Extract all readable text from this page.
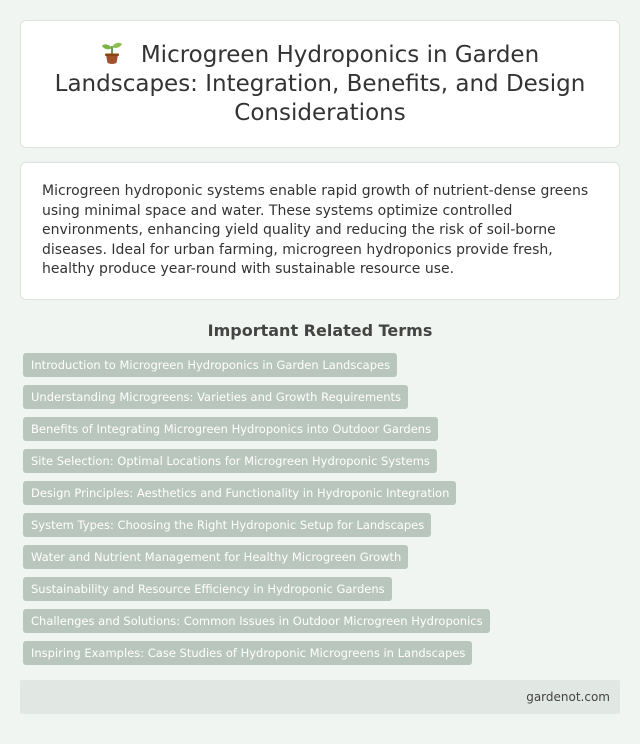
Microgreen Hydroponics in Garden Landscapes: Integration, Benefits, and Design Considerations

Microgreen hydroponic systems enable rapid growth of nutrient-dense greens using minimal space and water. These systems optimize controlled environments, enhancing yield quality and reducing the risk of soil-borne diseases. Ideal for urban farming, microgreen hydroponics provide fresh, healthy produce year-round with sustainable resource use.

Important Related Terms
Introduction to Microgreen Hydroponics in Garden Landscapes
Understanding Microgreens: Varieties and Growth Requirements
Benefits of Integrating Microgreen Hydroponics into Outdoor Gardens
Site Selection: Optimal Locations for Microgreen Hydroponic Systems
Design Principles: Aesthetics and Functionality in Hydroponic Integration
System Types: Choosing the Right Hydroponic Setup for Landscapes
Water and Nutrient Management for Healthy Microgreen Growth
Sustainability and Resource Efficiency in Hydroponic Gardens
Challenges and Solutions: Common Issues in Outdoor Microgreen Hydroponics
Inspiring Examples: Case Studies of Hydroponic Microgreens in Landscapes
gardenot.com
